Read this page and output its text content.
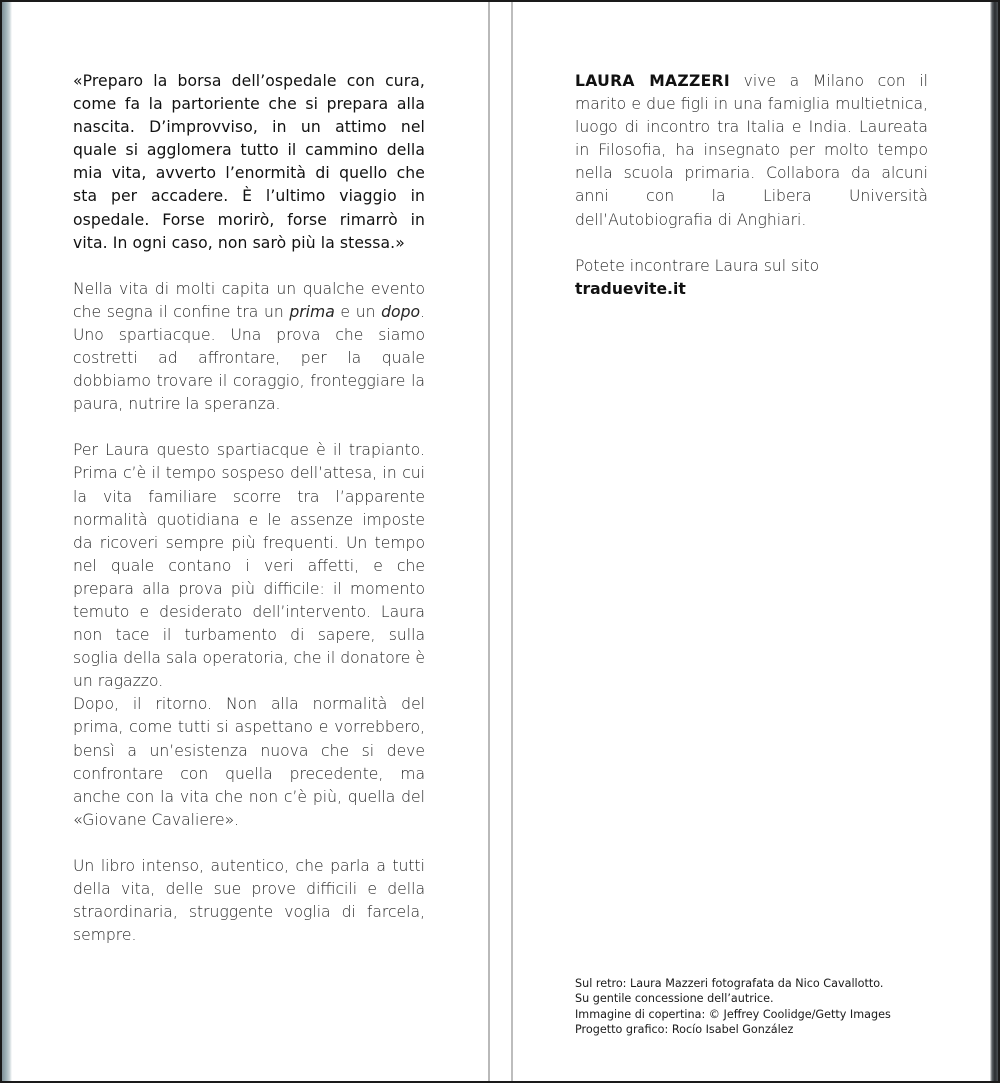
«Preparo la borsa dell’ospedale con cura, come fa la partoriente che si prepara alla nascita. D’improvviso, in un attimo nel quale si agglomera tutto il cammino della mia vita, avverto l’enormità di quello che sta per accadere. È l’ultimo viaggio in ospedale. Forse morirò, forse rimarrò in vita. In ogni caso, non sarò più la stessa.»

Nella vita di molti capita un qualche evento che segna il confine tra un prima e un dopo. Uno spartiacque. Una prova che siamo costretti ad affrontare, per la quale dobbiamo trovare il coraggio, fronteggiare la paura, nutrire la speranza.

Per Laura questo spartiacque è il trapianto. Prima c’è il tempo sospeso dell’attesa, in cui la vita familiare scorre tra l’apparente normalità quotidiana e le assenze imposte da ricoveri sempre più frequenti. Un tempo nel quale contano i veri affetti, e che prepara alla prova più difficile: il momento temuto e desiderato dell’intervento. Laura non tace il turbamento di sapere, sulla soglia della sala operatoria, che il donatore è un ragazzo.

Dopo, il ritorno. Non alla normalità del prima, come tutti si aspettano e vorrebbero, bensì a un’esistenza nuova che si deve confrontare con quella precedente, ma anche con la vita che non c’è più, quella del «Giovane Cavaliere».

Un libro intenso, autentico, che parla a tutti della vita, delle sue prove difficili e della straordinaria, struggente voglia di farcela, sempre.

LAURA MAZZERI vive a Milano con il marito e due figli in una famiglia multietnica, luogo di incontro tra Italia e India. Laureata in Filosofia, ha insegnato per molto tempo nella scuola primaria. Collabora da alcuni anni con la Libera Università dell’Autobiografia di Anghiari.

Potete incontrare Laura sul sito traduevite.it

Sul retro: Laura Mazzeri fotografata da Nico Cavallotto.
Su gentile concessione dell’autrice.
Immagine di copertina: © Jeffrey Coolidge/Getty Images
Progetto grafico: Rocío Isabel González
